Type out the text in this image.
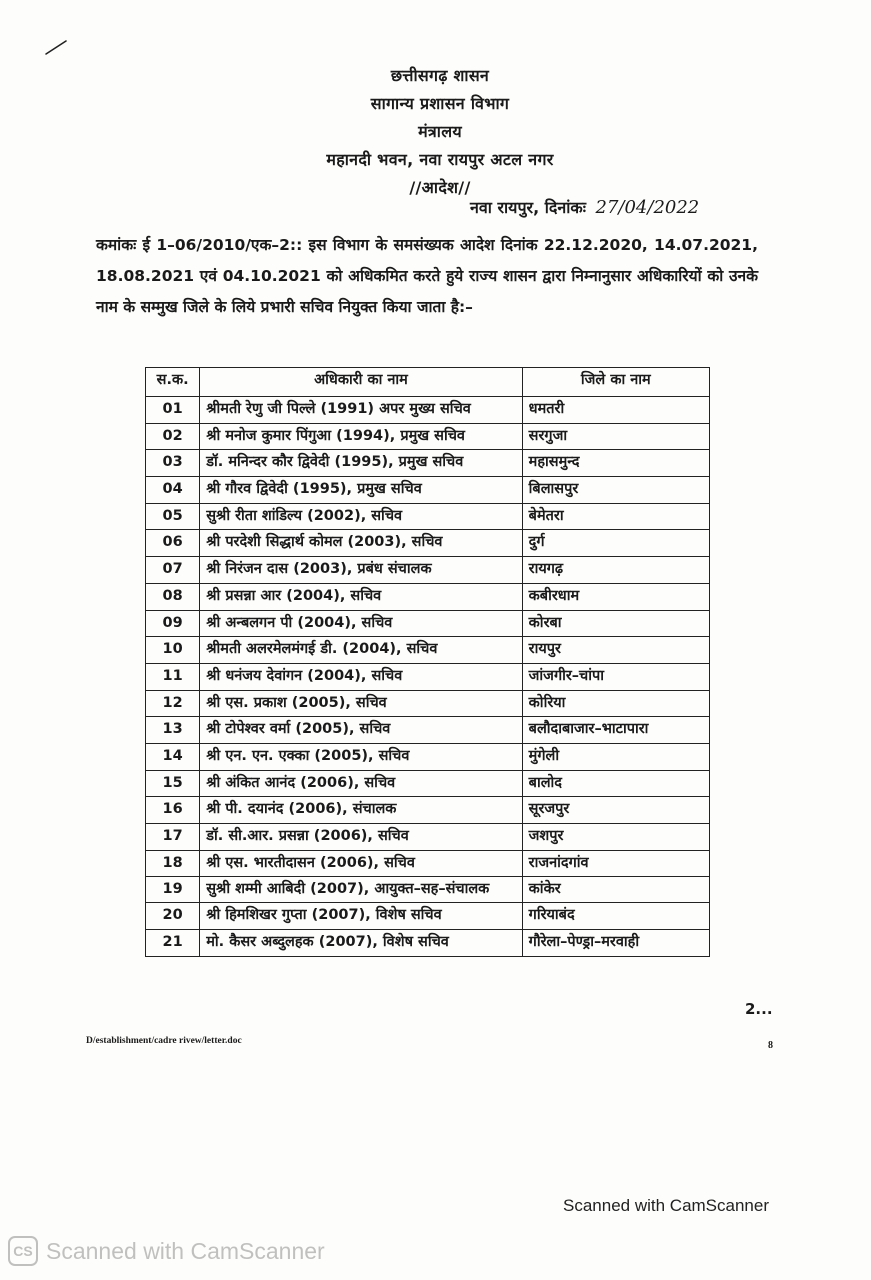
छत्तीसगढ़ शासन
सागान्य प्रशासन विभाग
मंत्रालय
महानदी भवन, नवा रायपुर अटल नगर
//आदेश//
नवा रायपुर, दिनांकः 27/04/2022
कमांकः ई 1–06/2010/एक–2:: इस विभाग के समसंख्यक आदेश दिनांक 22.12.2020, 14.07.2021, 18.08.2021 एवं 04.10.2021 को अधिकमित करते हुये राज्य शासन द्वारा निम्नानुसार अधिकारियों को उनके नाम के सम्मुख जिले के लिये प्रभारी सचिव नियुक्त किया जाता है:–
स.क.	अधिकारी का नाम	जिले का नाम
01	श्रीमती रेणु जी पिल्ले (1991) अपर मुख्य सचिव	धमतरी
02	श्री मनोज कुमार पिंगुआ (1994), प्रमुख सचिव	सरगुजा
03	डॉ. मनिन्दर कौर द्विवेदी (1995), प्रमुख सचिव	महासमुन्द
04	श्री गौरव द्विवेदी (1995), प्रमुख सचिव	बिलासपुर
05	सुश्री रीता शांडिल्य (2002), सचिव	बेमेतरा
06	श्री परदेशी सिद्धार्थ कोमल (2003), सचिव	दुर्ग
07	श्री निरंजन दास (2003), प्रबंध संचालक	रायगढ़
08	श्री प्रसन्ना आर (2004), सचिव	कबीरधाम
09	श्री अन्बलगन पी (2004), सचिव	कोरबा
10	श्रीमती अलरमेलमंगई डी. (2004), सचिव	रायपुर
11	श्री धनंजय देवांगन (2004), सचिव	जांजगीर–चांपा
12	श्री एस. प्रकाश (2005), सचिव	कोरिया
13	श्री टोपेश्वर वर्मा (2005), सचिव	बलौदाबाजार–भाटापारा
14	श्री एन. एन. एक्का (2005), सचिव	मुंगेली
15	श्री अंकित आनंद (2006), सचिव	बालोद
16	श्री पी. दयानंद (2006), संचालक	सूरजपुर
17	डॉ. सी.आर. प्रसन्ना (2006), सचिव	जशपुर
18	श्री एस. भारतीदासन (2006), सचिव	राजनांदगांव
19	सुश्री शम्मी आबिदी (2007), आयुक्त–सह–संचालक	कांकेर
20	श्री हिमशिखर गुप्ता (2007), विशेष सचिव	गरियाबंद
21	मो. कैसर अब्दुलहक (2007), विशेष सचिव	गौरेला–पेण्ड्रा–मरवाही
2...
D/establishment/cadre rivew/letter.doc	8
Scanned with CamScanner
CS Scanned with CamScanner
